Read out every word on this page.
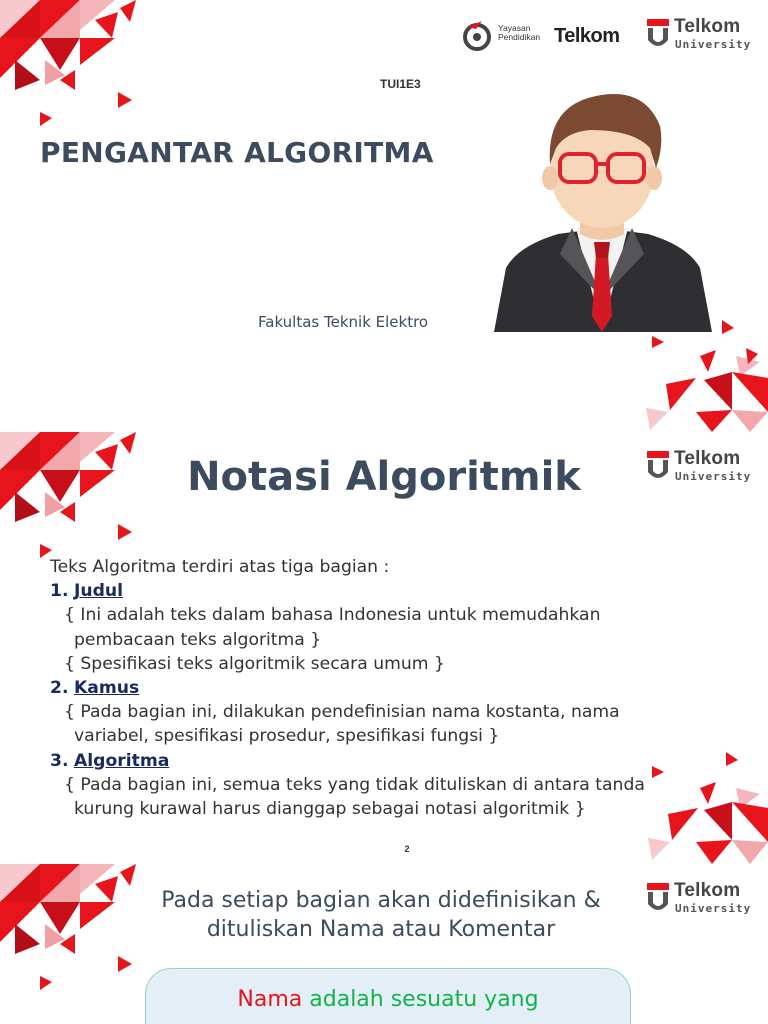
Yayasan
Pendidikan Telkom	Telkom
University
TUI1E3
PENGANTAR ALGORITMA
Fakultas Teknik Elektro
Telkom
University
Notasi Algoritmik
Teks Algoritma terdiri atas tiga bagian :
1. Judul
{ Ini adalah teks dalam bahasa Indonesia untuk memudahkan
pembacaan teks algoritma }
{ Spesifikasi teks algoritmik secara umum }
2. Kamus
{ Pada bagian ini, dilakukan pendefinisian nama kostanta, nama
variabel, spesifikasi prosedur, spesifikasi fungsi }
3. Algoritma
{ Pada bagian ini, semua teks yang tidak dituliskan di antara tanda
kurung kurawal harus dianggap sebagai notasi algoritmik }
2
Telkom
University
Pada setiap bagian akan didefinisikan &
dituliskan Nama atau Komentar
Nama adalah sesuatu yang
